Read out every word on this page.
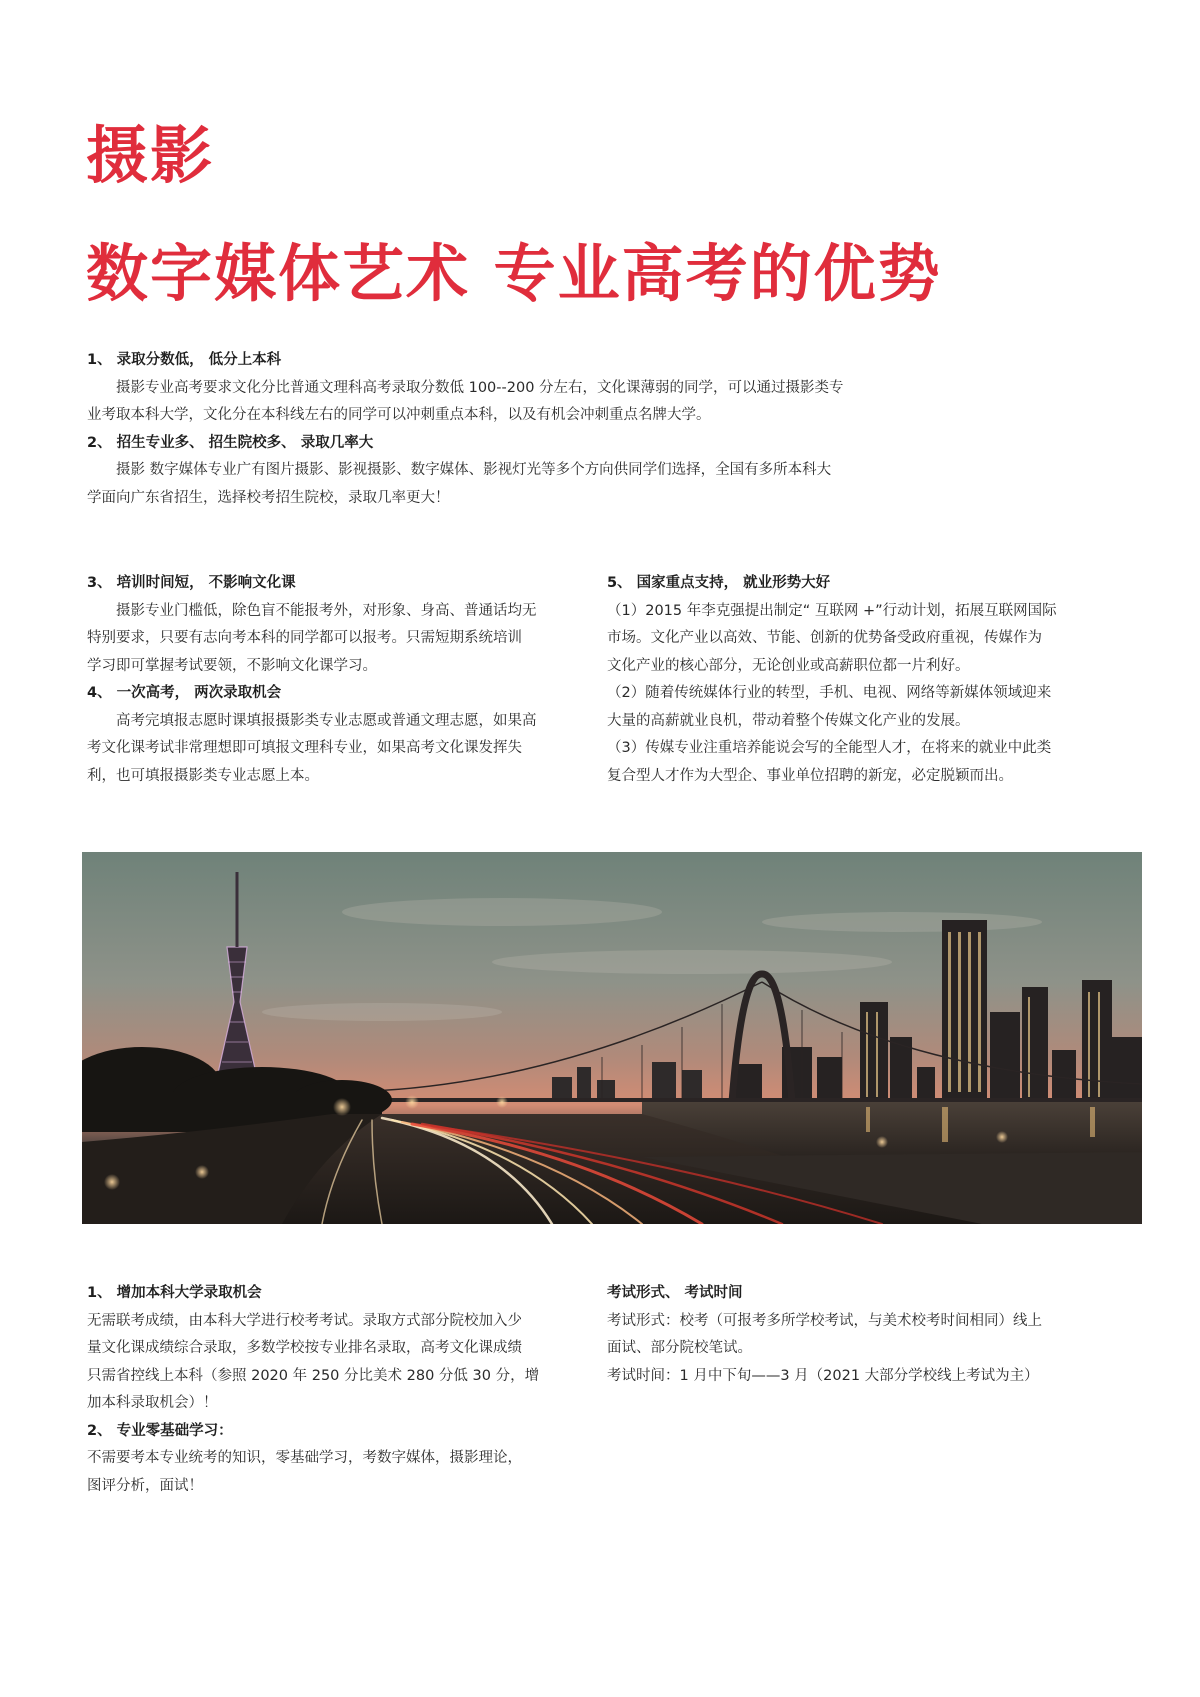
摄影
数字媒体艺术 专业高考的优势

1、 录取分数低， 低分上本科

摄影专业高考要求文化分比普通文理科高考录取分数低 100--200 分左右，文化课薄弱的同学，可以通过摄影类专

业考取本科大学，文化分在本科线左右的同学可以冲刺重点本科，以及有机会冲刺重点名牌大学。

2、 招生专业多、 招生院校多、 录取几率大

摄影 数字媒体专业广有图片摄影、影视摄影、数字媒体、影视灯光等多个方向供同学们选择，全国有多所本科大

学面向广东省招生，选择校考招生院校，录取几率更大！

3、 培训时间短， 不影响文化课

摄影专业门槛低，除色盲不能报考外，对形象、身高、普通话均无

特别要求，只要有志向考本科的同学都可以报考。只需短期系统培训

学习即可掌握考试要领，不影响文化课学习。

4、 一次高考， 两次录取机会

高考完填报志愿时课填报摄影类专业志愿或普通文理志愿，如果高

考文化课考试非常理想即可填报文理科专业，如果高考文化课发挥失

利，也可填报摄影类专业志愿上本。

5、 国家重点支持， 就业形势大好

（1）2015 年李克强提出制定“ 互联网 +”行动计划，拓展互联网国际

市场。文化产业以高效、节能、创新的优势备受政府重视，传媒作为

文化产业的核心部分，无论创业或高薪职位都一片利好。

（2）随着传统媒体行业的转型，手机、电视、网络等新媒体领域迎来

大量的高薪就业良机，带动着整个传媒文化产业的发展。

（3）传媒专业注重培养能说会写的全能型人才，在将来的就业中此类

复合型人才作为大型企、事业单位招聘的新宠，必定脱颖而出。

1、 增加本科大学录取机会

无需联考成绩，由本科大学进行校考考试。录取方式部分院校加入少

量文化课成绩综合录取，多数学校按专业排名录取，高考文化课成绩

只需省控线上本科（参照 2020 年 250 分比美术 280 分低 30 分，增

加本科录取机会）！

2、 专业零基础学习：

不需要考本专业统考的知识，零基础学习，考数字媒体，摄影理论，

图评分析，面试！

考试形式、 考试时间

考试形式：校考（可报考多所学校考试，与美术校考时间相同）线上

面试、部分院校笔试。

考试时间：1 月中下旬——3 月（2021 大部分学校线上考试为主）
